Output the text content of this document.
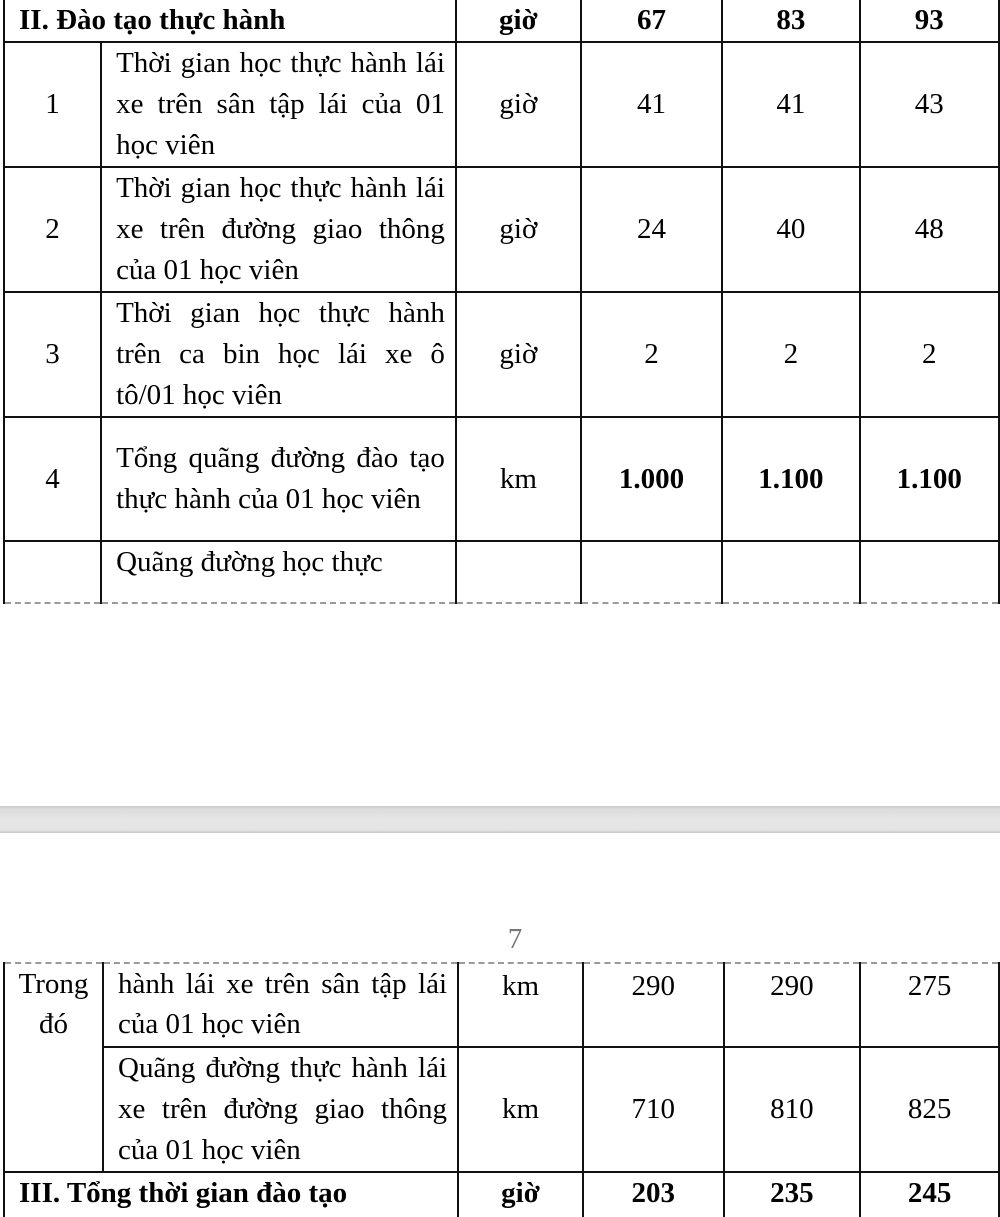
II. Đào tạo thực hành		giờ	67	83	93
1	Thời gian học thực hành lái xe trên sân tập lái của 01 học viên	giờ	41	41	43
2	Thời gian học thực hành lái xe trên đường giao thông của 01 học viên	giờ	24	40	48
3	Thời gian học thực hành trên ca bin học lái xe ô tô/01 học viên	giờ	2	2	2
4	Tổng quãng đường đào tạo thực hành của 01 học viên	km	1.000	1.100	1.100
	Quãng đường học thực				
7
Trong đó	hành lái xe trên sân tập lái của 01 học viên	km	290	290	275
	Quãng đường thực hành lái xe trên đường giao thông của 01 học viên	km	710	810	825
III. Tổng thời gian đào tạo		giờ	203	235	245
